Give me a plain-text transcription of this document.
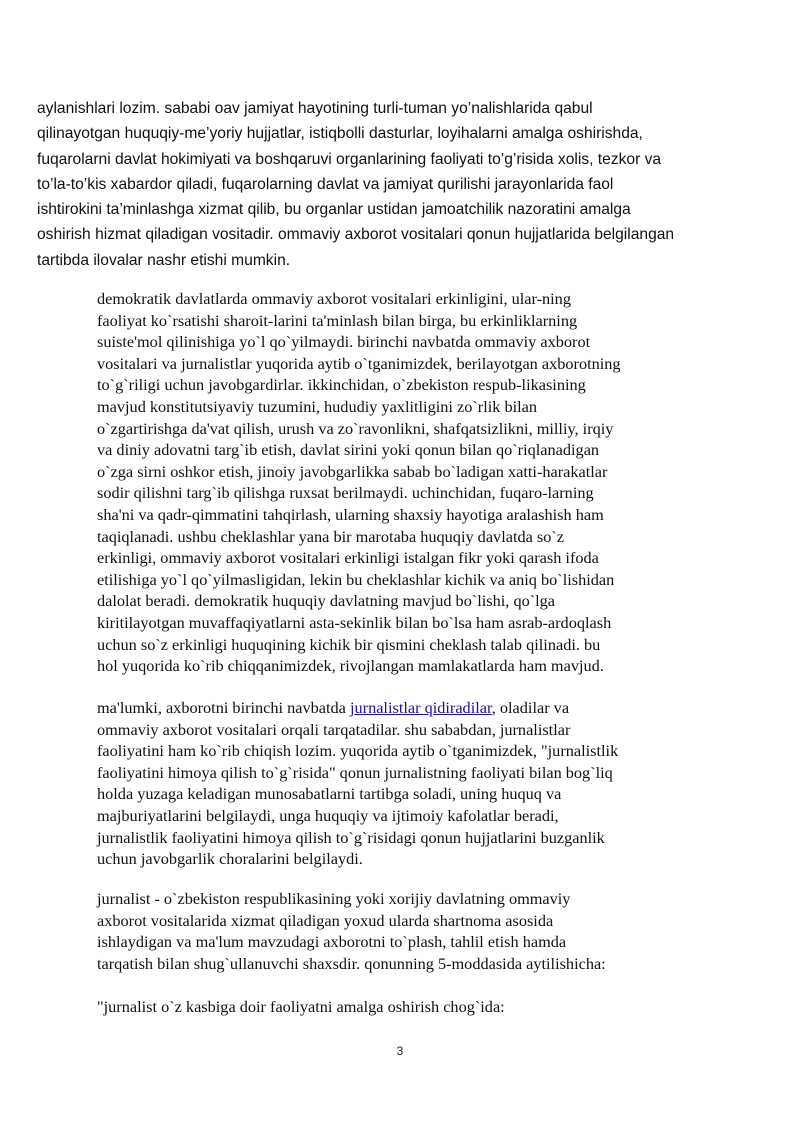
aylanishlari lozim. sababi oav jamiyat hayotining turli-tuman yo’nalishlarida qabul
qilinayotgan huquqiy-me’yoriy hujjatlar, istiqbolli dasturlar, loyihalarni amalga oshirishda,
fuqarolarni davlat hokimiyati va boshqaruvi organlarining faoliyati to’g’risida xolis, tezkor va
to’la-to’kis xabardor qiladi, fuqarolarning davlat va jamiyat qurilishi jarayonlarida faol
ishtirokini ta’minlashga xizmat qilib, bu organlar ustidan jamoatchilik nazoratini amalga
oshirish hizmat qiladigan vositadir. ommaviy axborot vositalari qonun hujjatlarida belgilangan
tartibda ilovalar nashr etishi mumkin.

demokratik davlatlarda ommaviy axborot vositalari erkinligini, ular-ning
faoliyat ko`rsatishi sharoit-larini ta'minlash bilan birga, bu erkinliklarning
suiste'mol qilinishiga yo`l qo`yilmaydi. birinchi navbatda ommaviy axborot
vositalari va jurnalistlar yuqorida aytib o`tganimizdek, berilayotgan axborotning
to`g`riligi uchun javobgardirlar. ikkinchidan, o`zbekiston respub-likasining
mavjud konstitutsiyaviy tuzumini, hududiy yaxlitligini zo`rlik bilan
o`zgartirishga da'vat qilish, urush va zo`ravonlikni, shafqatsizlikni, milliy, irqiy
va diniy adovatni targ`ib etish, davlat sirini yoki qonun bilan qo`riqlanadigan
o`zga sirni oshkor etish, jinoiy javobgarlikka sabab bo`ladigan xatti-harakatlar
sodir qilishni targ`ib qilishga ruxsat berilmaydi. uchinchidan, fuqaro-larning
sha'ni va qadr-qimmatini tahqirlash, ularning shaxsiy hayotiga aralashish ham
taqiqlanadi. ushbu cheklashlar yana bir marotaba huquqiy davlatda so`z
erkinligi, ommaviy axborot vositalari erkinligi istalgan fikr yoki qarash ifoda
etilishiga yo`l qo`yilmasligidan, lekin bu cheklashlar kichik va aniq bo`lishidan
dalolat beradi. demokratik huquqiy davlatning mavjud bo`lishi, qo`lga
kiritilayotgan muvaffaqiyatlarni asta-sekinlik bilan bo`lsa ham asrab-ardoqlash
uchun so`z erkinligi huquqining kichik bir qismini cheklash talab qilinadi. bu
hol yuqorida ko`rib chiqqanimizdek, rivojlangan mamlakatlarda ham mavjud.

ma'lumki, axborotni birinchi navbatda jurnalistlar qidiradilar, oladilar va
ommaviy axborot vositalari orqali tarqatadilar. shu sababdan, jurnalistlar
faoliyatini ham ko`rib chiqish lozim. yuqorida aytib o`tganimizdek, "jurnalistlik
faoliyatini himoya qilish to`g`risida" qonun jurnalistning faoliyati bilan bog`liq
holda yuzaga keladigan munosabatlarni tartibga soladi, uning huquq va
majburiyatlarini belgilaydi, unga huquqiy va ijtimoiy kafolatlar beradi,
jurnalistlik faoliyatini himoya qilish to`g`risidagi qonun hujjatlarini buzganlik
uchun javobgarlik choralarini belgilaydi.

jurnalist - o`zbekiston respublikasining yoki xorijiy davlatning ommaviy
axborot vositalarida xizmat qiladigan yoxud ularda shartnoma asosida
ishlaydigan va ma'lum mavzudagi axborotni to`plash, tahlil etish hamda
tarqatish bilan shug`ullanuvchi shaxsdir. qonunning 5-moddasida aytilishicha:

"jurnalist o`z kasbiga doir faoliyatni amalga oshirish chog`ida:

3
